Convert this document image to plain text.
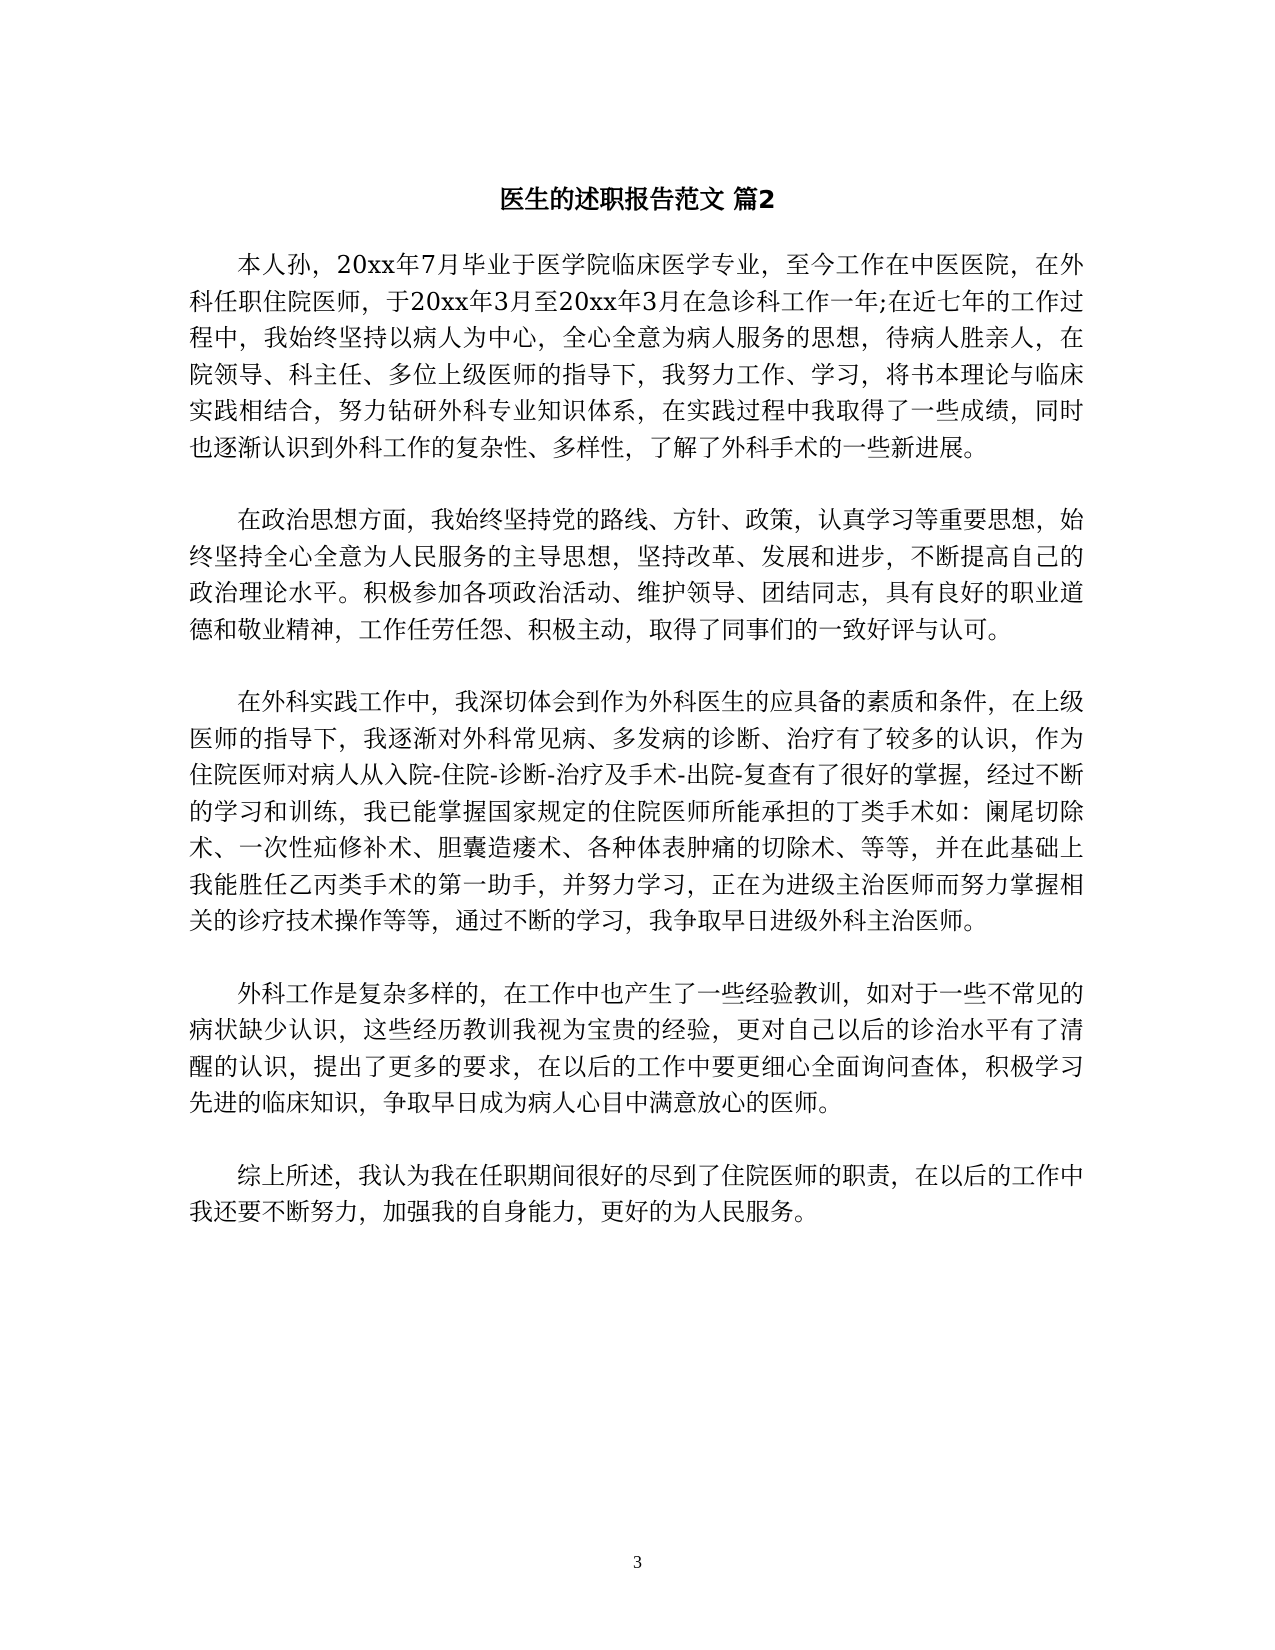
医生的述职报告范文 篇2

本人孙，20xx年7月毕业于医学院临床医学专业，至今工作在中医医院，在外科任职住院医师，于20xx年3月至20xx年3月在急诊科工作一年;在近七年的工作过程中，我始终坚持以病人为中心，全心全意为病人服务的思想，待病人胜亲人，在院领导、科主任、多位上级医师的指导下，我努力工作、学习，将书本理论与临床实践相结合，努力钻研外科专业知识体系，在实践过程中我取得了一些成绩，同时也逐渐认识到外科工作的复杂性、多样性，了解了外科手术的一些新进展。

在政治思想方面，我始终坚持党的路线、方针、政策，认真学习等重要思想，始终坚持全心全意为人民服务的主导思想，坚持改革、发展和进步，不断提高自己的政治理论水平。积极参加各项政治活动、维护领导、团结同志，具有良好的职业道德和敬业精神，工作任劳任怨、积极主动，取得了同事们的一致好评与认可。

在外科实践工作中，我深切体会到作为外科医生的应具备的素质和条件，在上级医师的指导下，我逐渐对外科常见病、多发病的诊断、治疗有了较多的认识，作为住院医师对病人从入院-住院-诊断-治疗及手术-出院-复查有了很好的掌握，经过不断的学习和训练，我已能掌握国家规定的住院医师所能承担的丁类手术如：阑尾切除术、一次性疝修补术、胆囊造瘘术、各种体表肿痛的切除术、等等，并在此基础上我能胜任乙丙类手术的第一助手，并努力学习，正在为进级主治医师而努力掌握相关的诊疗技术操作等等，通过不断的学习，我争取早日进级外科主治医师。

外科工作是复杂多样的，在工作中也产生了一些经验教训，如对于一些不常见的病状缺少认识，这些经历教训我视为宝贵的经验，更对自己以后的诊治水平有了清醒的认识，提出了更多的要求，在以后的工作中要更细心全面询问查体，积极学习先进的临床知识，争取早日成为病人心目中满意放心的医师。

综上所述，我认为我在任职期间很好的尽到了住院医师的职责，在以后的工作中我还要不断努力，加强我的自身能力，更好的为人民服务。

3
